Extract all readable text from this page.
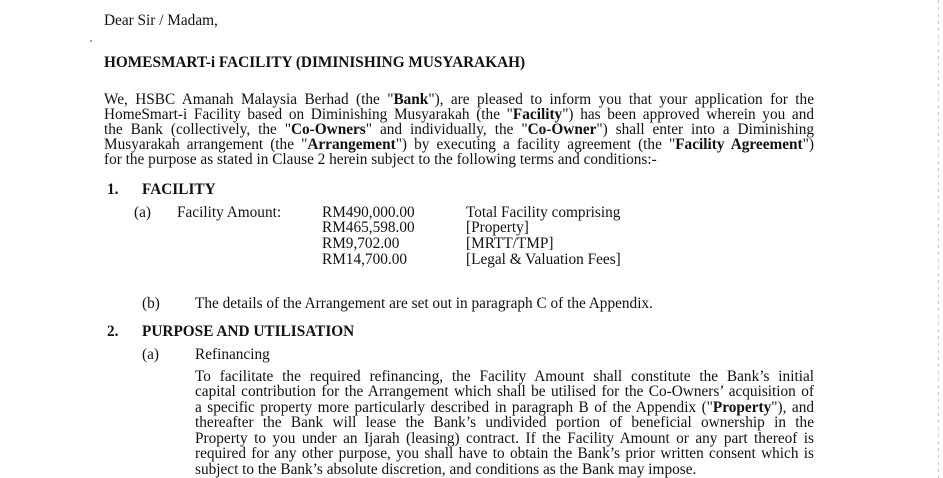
Dear Sir / Madam,
HOMESMART-i FACILITY (DIMINISHING MUSYARAKAH)
We, HSBC Amanah Malaysia Berhad (the "Bank"), are pleased to inform you that your application for the
HomeSmart-i Facility based on Diminishing Musyarakah (the "Facility") has been approved wherein you and
the Bank (collectively, the "Co-Owners" and individually, the "Co-Owner") shall enter into a Diminishing
Musyarakah arrangement (the "Arrangement") by executing a facility agreement (the "Facility Agreement")
for the purpose as stated in Clause 2 herein subject to the following terms and conditions:-
1. FACILITY
(a) Facility Amount:	RM490,000.00
RM465,598.00
RM9,702.00
RM14,700.00
Total Facility comprising
[Property]
[MRTT/TMP]
[Legal & Valuation Fees]
(b) The details of the Arrangement are set out in paragraph C of the Appendix.
2. PURPOSE AND UTILISATION
(a) Refinancing
To facilitate the required refinancing, the Facility Amount shall constitute the Bank’s initial
capital contribution for the Arrangement which shall be utilised for the Co-Owners’ acquisition of
a specific property more particularly described in paragraph B of the Appendix ("Property"), and
thereafter the Bank will lease the Bank’s undivided portion of beneficial ownership in the
Property to you under an Ijarah (leasing) contract. If the Facility Amount or any part thereof is
required for any other purpose, you shall have to obtain the Bank’s prior written consent which is
subject to the Bank’s absolute discretion, and conditions as the Bank may impose.
